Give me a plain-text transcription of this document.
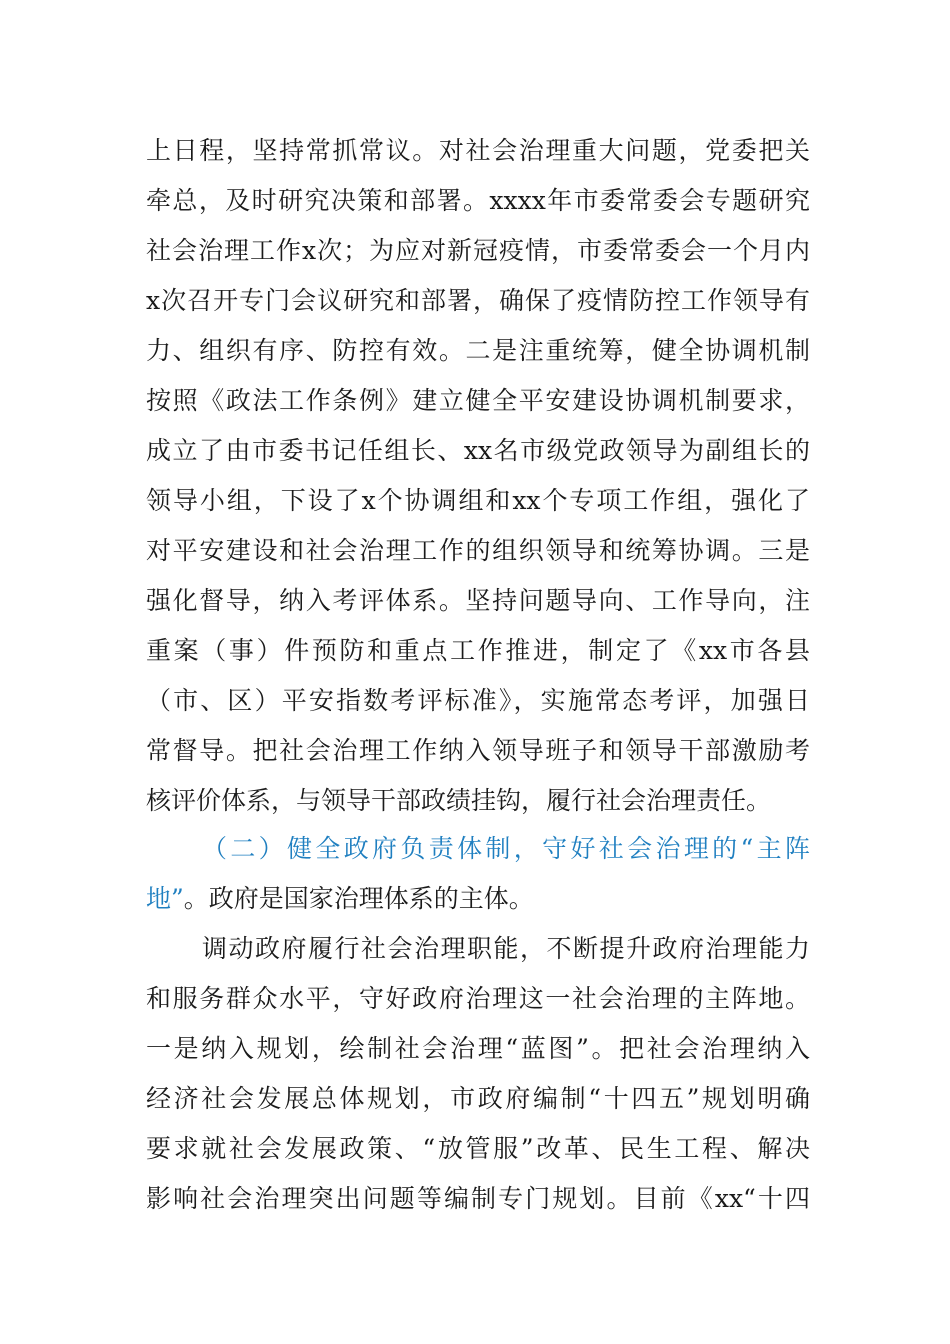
上日程，坚持常抓常议。对社会治理重大问题，党委把关
牵总，及时研究决策和部署。xxxx年市委常委会专题研究
社会治理工作x次；为应对新冠疫情，市委常委会一个月内
x次召开专门会议研究和部署，确保了疫情防控工作领导有
力、组织有序、防控有效。二是注重统筹，健全协调机制
按照《政法工作条例》建立健全平安建设协调机制要求，
成立了由市委书记任组长、xx名市级党政领导为副组长的
领导小组，下设了x个协调组和xx个专项工作组，强化了
对平安建设和社会治理工作的组织领导和统筹协调。三是
强化督导，纳入考评体系。坚持问题导向、工作导向，注
重案（事）件预防和重点工作推进，制定了《xx市各县
（市、区）平安指数考评标准》，实施常态考评，加强日
常督导。把社会治理工作纳入领导班子和领导干部激励考
核评价体系，与领导干部政绩挂钩，履行社会治理责任。
（二）健全政府负责体制，守好社会治理的“主阵
地”。政府是国家治理体系的主体。
调动政府履行社会治理职能，不断提升政府治理能力
和服务群众水平，守好政府治理这一社会治理的主阵地。
一是纳入规划，绘制社会治理“蓝图”。把社会治理纳入
经济社会发展总体规划，市政府编制“十四五”规划明确
要求就社会发展政策、“放管服”改革、民生工程、解决
影响社会治理突出问题等编制专门规划。目前《xx“十四
